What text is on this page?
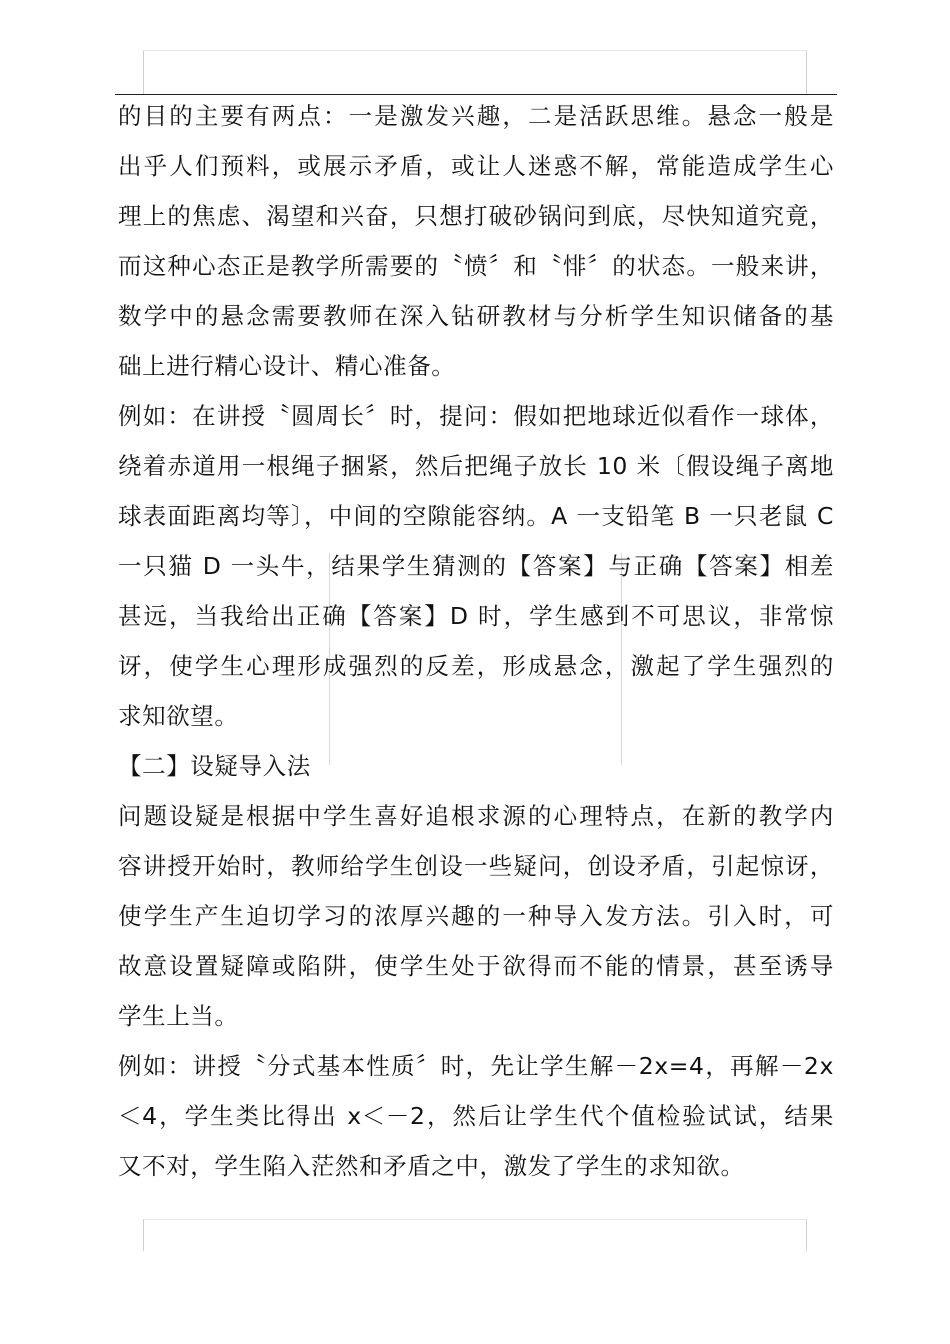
的目的主要有两点：一是激发兴趣，二是活跃思维。悬念一般是
出乎人们预料，或展示矛盾，或让人迷惑不解，常能造成学生心
理上的焦虑、渴望和兴奋，只想打破砂锅问到底，尽快知道究竟，
而这种心态正是教学所需要的〝愤〞和〝悱〞的状态。一般来讲，
数学中的悬念需要教师在深入钻研教材与分析学生知识储备的基
础上进行精心设计、精心准备。
例如：在讲授〝圆周长〞时，提问：假如把地球近似看作一球体，
绕着赤道用一根绳子捆紧，然后把绳子放长 10 米〔假设绳子离地
球表面距离均等〕，中间的空隙能容纳。A 一支铅笔 B 一只老鼠 C
一只猫 D 一头牛，结果学生猜测的【答案】与正确【答案】相差
甚远，当我给出正确【答案】D 时，学生感到不可思议，非常惊
讶，使学生心理形成强烈的反差，形成悬念，激起了学生强烈的
求知欲望。
【二】设疑导入法
问题设疑是根据中学生喜好追根求源的心理特点，在新的教学内
容讲授开始时，教师给学生创设一些疑问，创设矛盾，引起惊讶，
使学生产生迫切学习的浓厚兴趣的一种导入发方法。引入时，可
故意设置疑障或陷阱，使学生处于欲得而不能的情景，甚至诱导
学生上当。
例如：讲授〝分式基本性质〞时，先让学生解－2x=4，再解－2x
＜4，学生类比得出 x＜－2，然后让学生代个值检验试试，结果
又不对，学生陷入茫然和矛盾之中，激发了学生的求知欲。
